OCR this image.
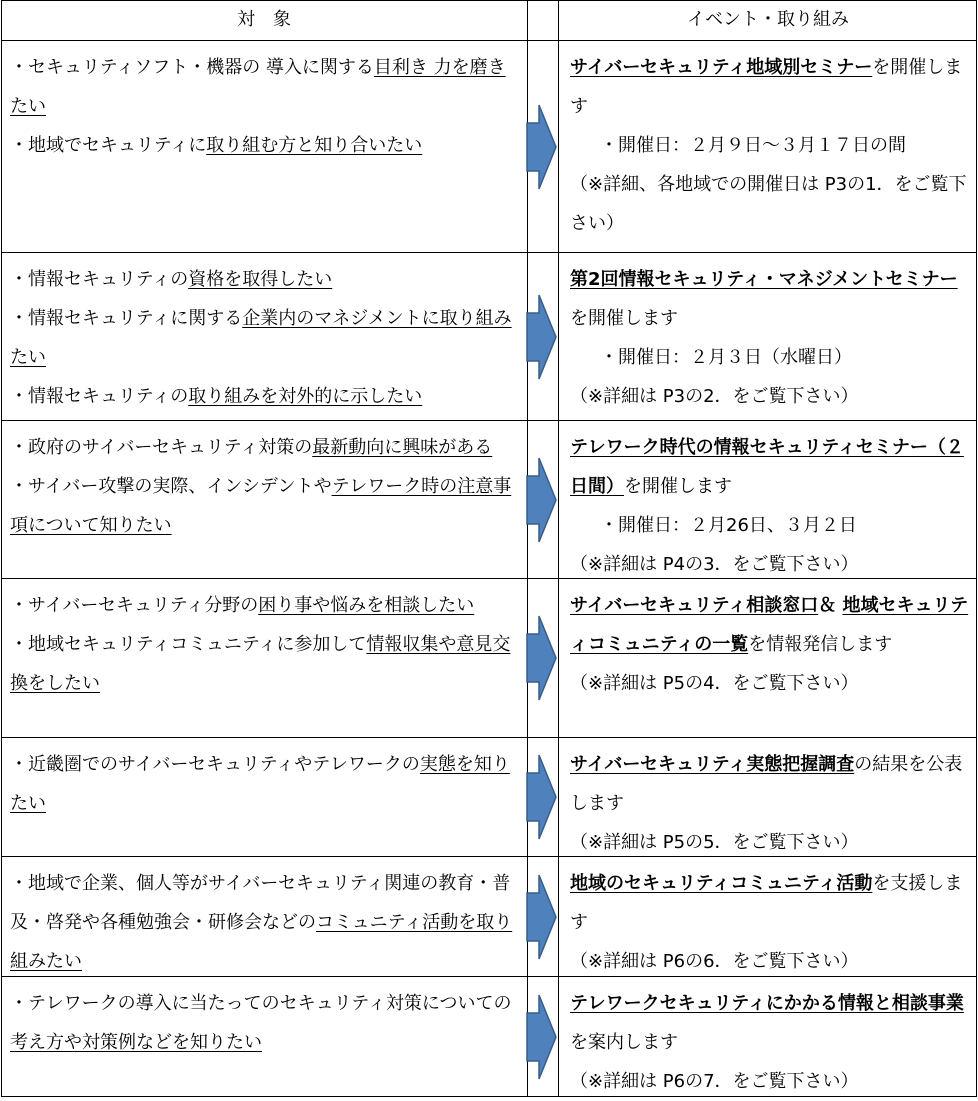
対　象	イベント・取り組み

・セキュリティソフト・機器の 導入に関する目利き 力を磨きたい

・地域でセキュリティに取り組む方と知り合いたい

サイバーセキュリティ地域別セミナーを開催します

・開催日：２月９日～３月１７日の間

（※詳細、各地域での開催日は P3の1．をご覧下さい）

・情報セキュリティの資格を取得したい

・情報セキュリティに関する企業内のマネジメントに取り組みたい

・情報セキュリティの取り組みを対外的に示したい

第2回情報セキュリティ・マネジメントセミナーを開催します

・開催日：２月３日（水曜日）

（※詳細は P3の2．をご覧下さい）

・政府のサイバーセキュリティ対策の最新動向に興味がある

・サイバー攻撃の実際、インシデントやテレワーク時の注意事項について知りたい

テレワーク時代の情報セキュリティセミナー（２日間）を開催します

・開催日：２月26日、３月２日

（※詳細は P4の3．をご覧下さい）

・サイバーセキュリティ分野の困り事や悩みを相談したい

・地域セキュリティコミュニティに参加して情報収集や意見交換をしたい

サイバーセキュリティ相談窓口＆ 地域セキュリティコミュニティの一覧を情報発信します

（※詳細は P5の4．をご覧下さい）

・近畿圏でのサイバーセキュリティやテレワークの実態を知りたい

サイバーセキュリティ実態把握調査の結果を公表します

（※詳細は P5の5．をご覧下さい）

・地域で企業、個人等がサイバーセキュリティ関連の教育・普及・啓発や各種勉強会・研修会などのコミュニティ活動を取り組みたい

地域のセキュリティコミュニティ活動を支援します

（※詳細は P6の6．をご覧下さい）

・テレワークの導入に当たってのセキュリティ対策についての考え方や対策例などを知りたい

テレワークセキュリティにかかる情報と相談事業を案内します

（※詳細は P6の7．をご覧下さい）
